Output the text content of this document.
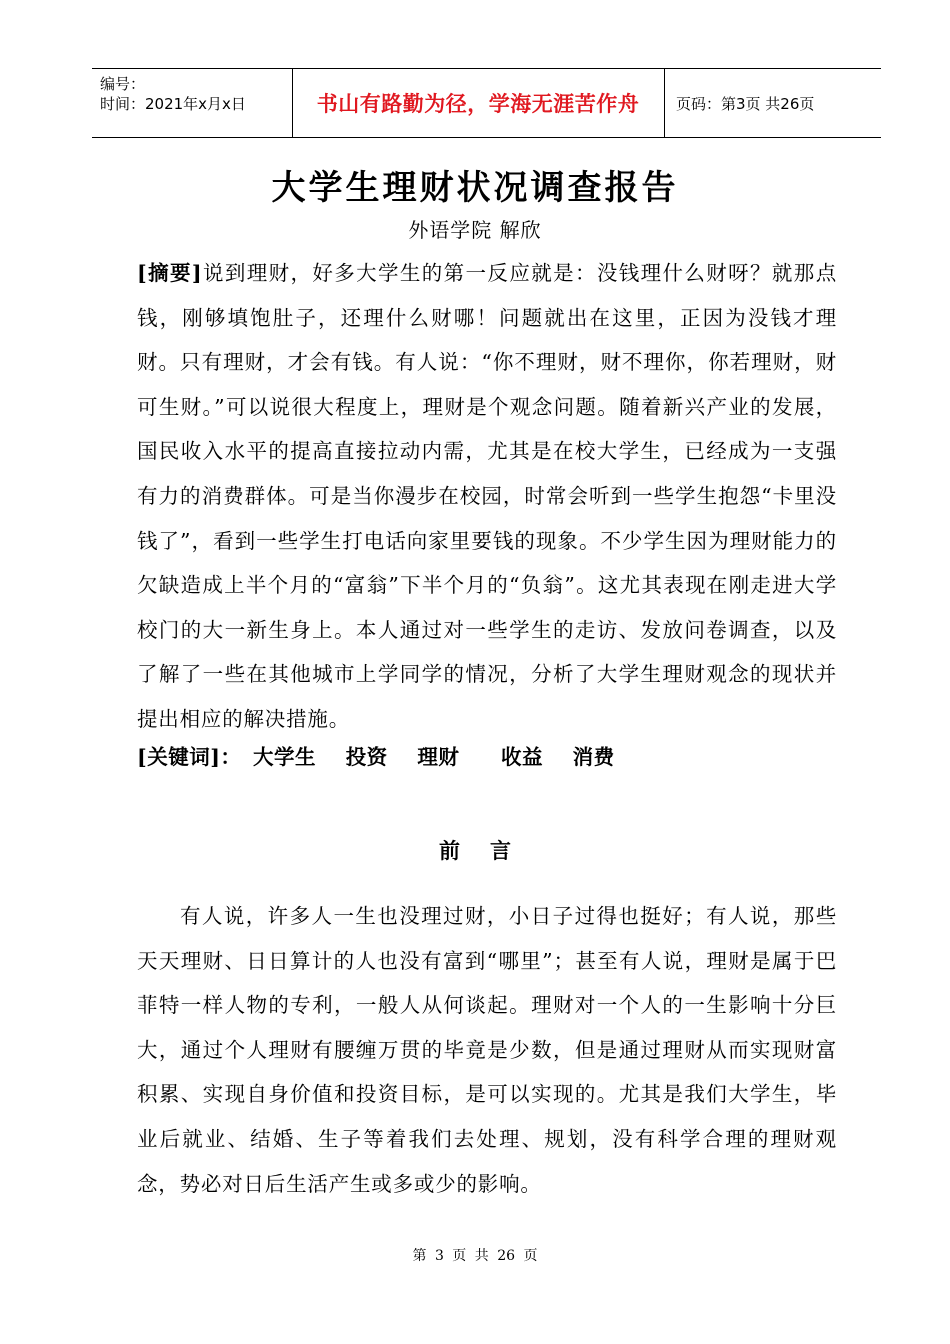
编号：
时间：2021年x月x日	书山有路勤为径，学海无涯苦作舟 页码：第3页 共26页
大学生理财状况调查报告
外语学院 解欣

[摘要]说到理财，好多大学生的第一反应就是：没钱理什么财呀？就那点钱，刚够填饱肚子，还理什么财哪！问题就出在这里，正因为没钱才理财。只有理财，才会有钱。有人说：“你不理财，财不理你，你若理财，财可生财。”可以说很大程度上，理财是个观念问题。随着新兴产业的发展，国民收入水平的提高直接拉动内需，尤其是在校大学生，已经成为一支强有力的消费群体。可是当你漫步在校园，时常会听到一些学生抱怨“卡里没钱了”，看到一些学生打电话向家里要钱的现象。不少学生因为理财能力的欠缺造成上半个月的“富翁”下半个月的“负翁”。这尤其表现在刚走进大学校门的大一新生身上。本人通过对一些学生的走访、发放问卷调查，以及了解了一些在其他城市上学同学的情况，分析了大学生理财观念的现状并提出相应的解决措施。

[关键词]： 大学生 投资 理财 收益 消费
前言

有人说，许多人一生也没理过财，小日子过得也挺好；有人说，那些天天理财、日日算计的人也没有富到“哪里”；甚至有人说，理财是属于巴菲特一样人物的专利，一般人从何谈起。理财对一个人的一生影响十分巨大，通过个人理财有腰缠万贯的毕竟是少数，但是通过理财从而实现财富积累、实现自身价值和投资目标，是可以实现的。尤其是我们大学生，毕业后就业、结婚、生子等着我们去处理、规划，没有科学合理的理财观念，势必对日后生活产生或多或少的影响。

第 3 页 共 26 页
